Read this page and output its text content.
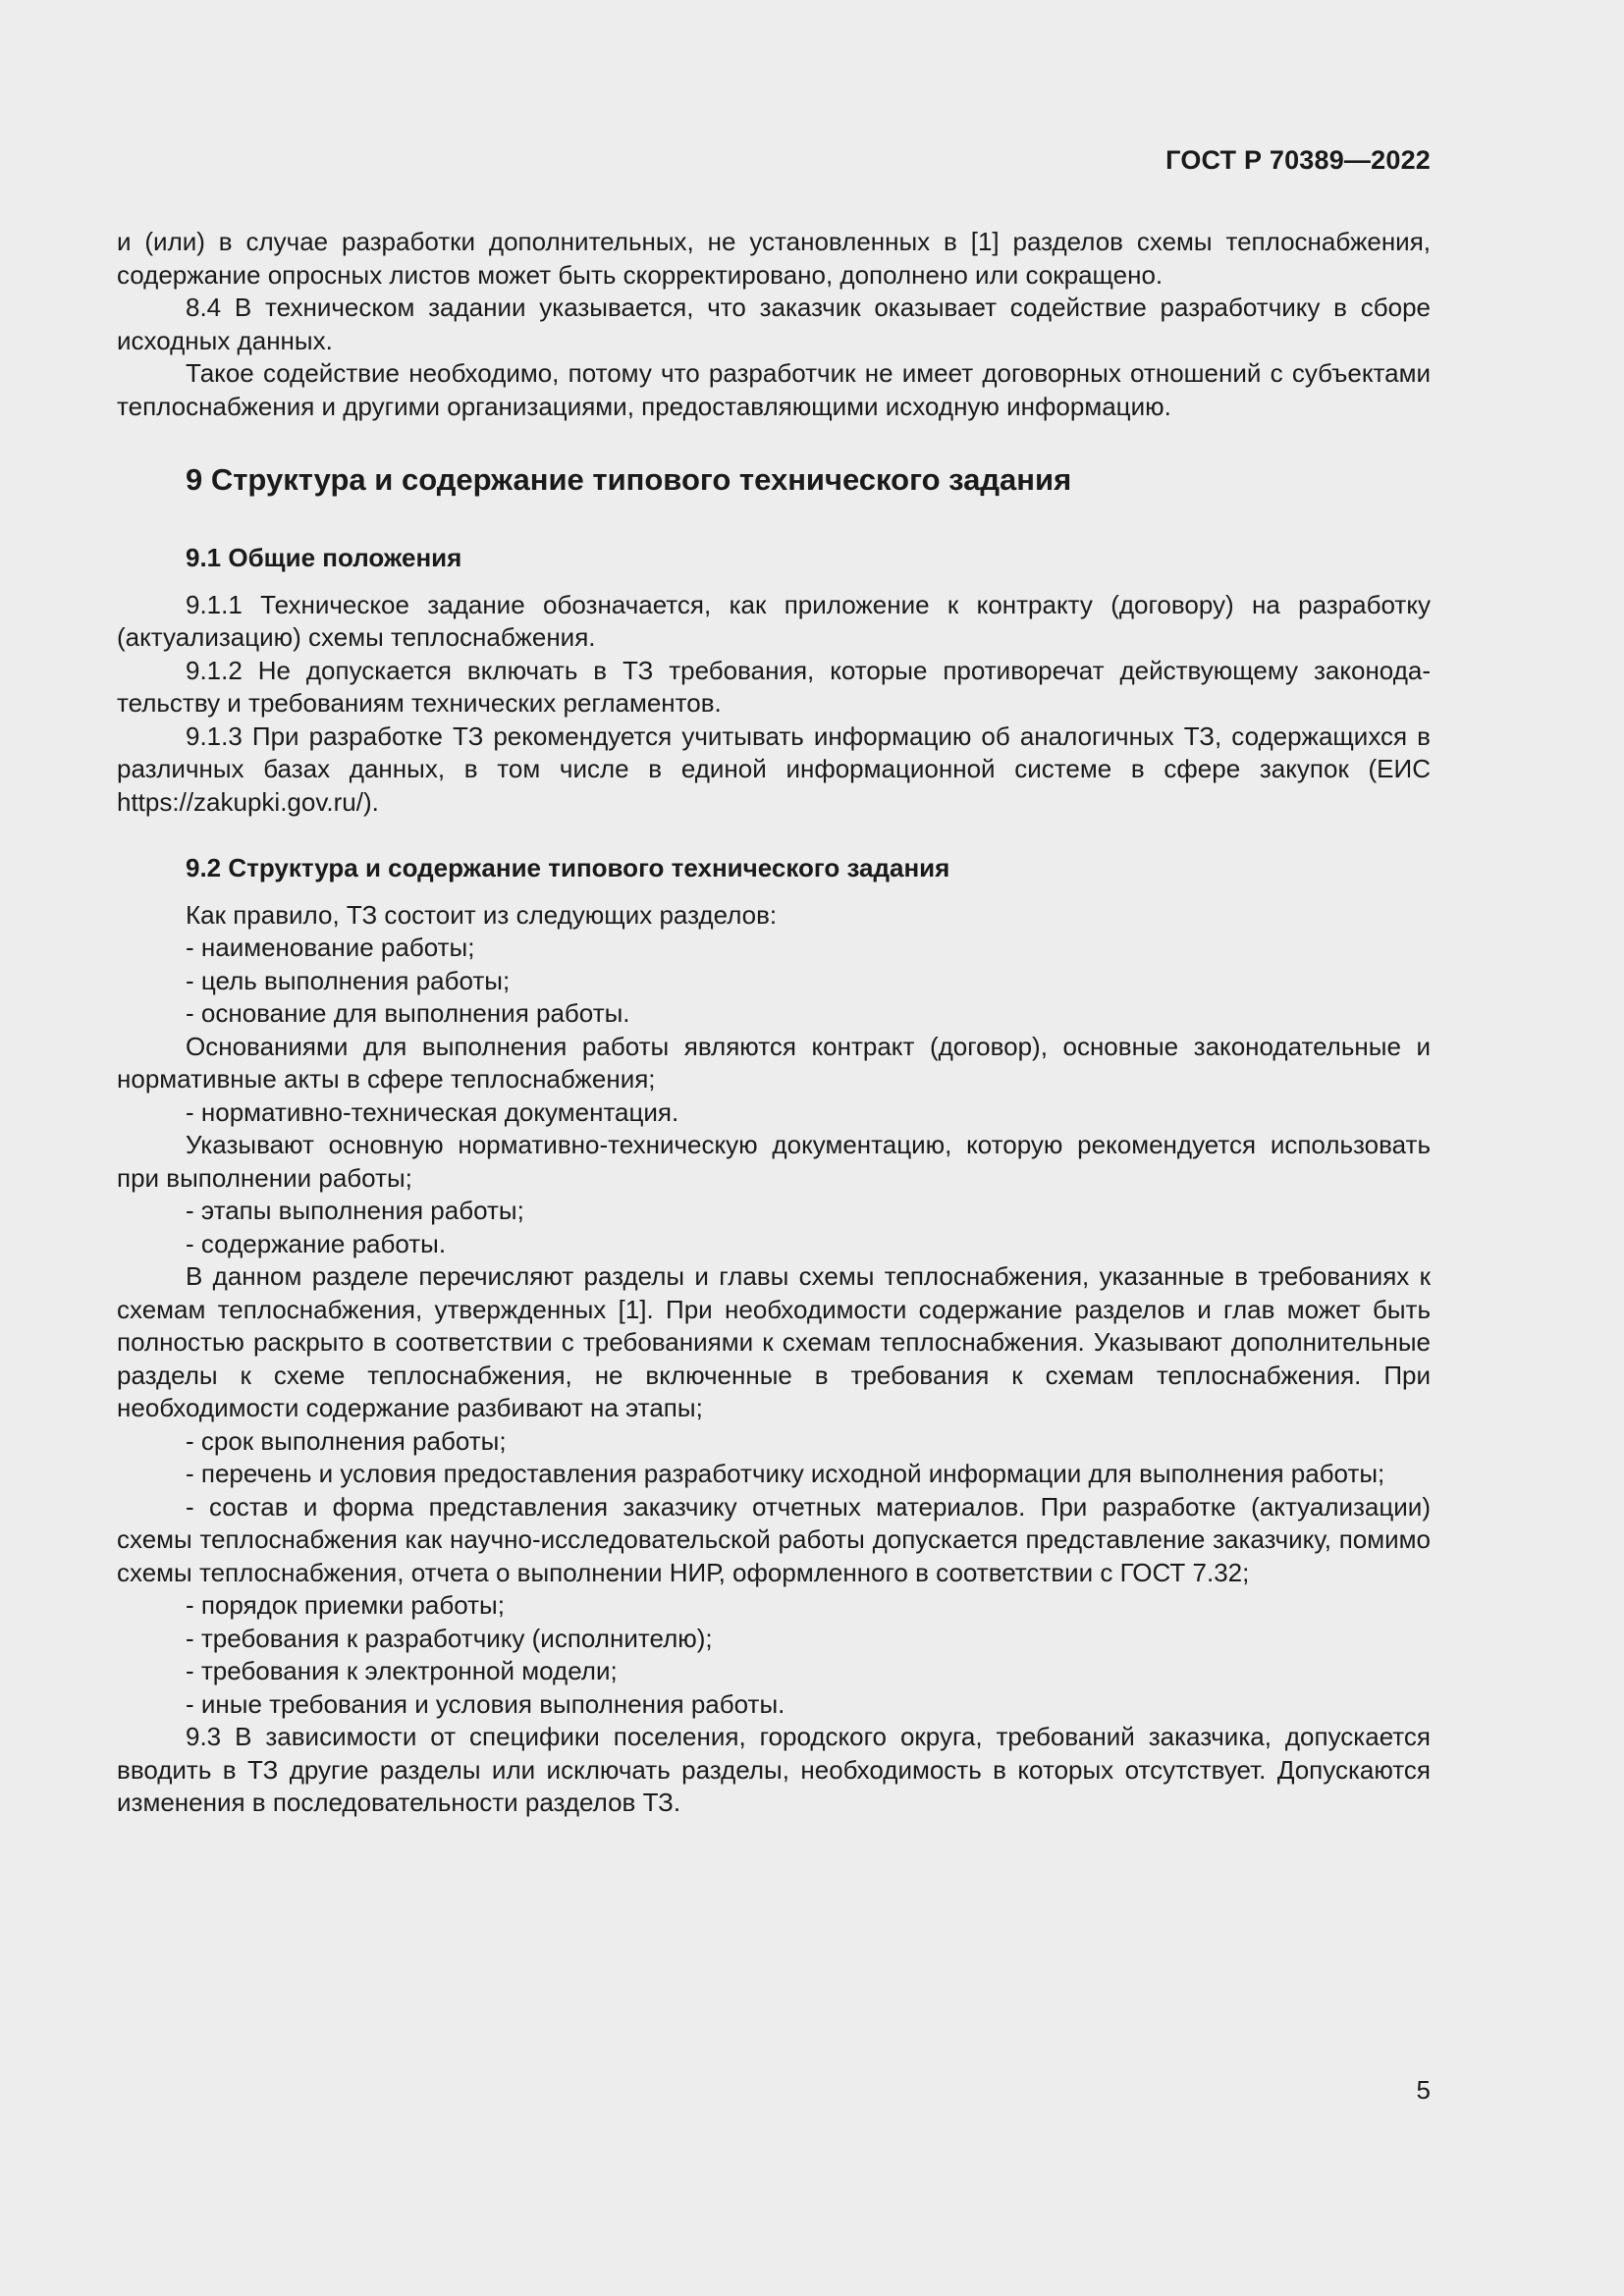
ГОСТ Р 70389—2022

и (или) в случае разработки дополнительных, не установленных в [1] разделов схемы теплоснабжения, содержание опросных листов может быть скорректировано, дополнено или сокращено.

8.4 В техническом задании указывается, что заказчик оказывает содействие разработчику в сборе исходных данных.

Такое содействие необходимо, потому что разработчик не имеет договорных отношений с субъектами теплоснабжения и другими организациями, предоставляющими исходную информацию.

9 Структура и содержание типового технического задания

9.1 Общие положения

9.1.1 Техническое задание обозначается, как приложение к контракту (договору) на разработку (актуализацию) схемы теплоснабжения.

9.1.2 Не допускается включать в ТЗ требования, которые противоречат действующему законодательству и требованиям технических регламентов.

9.1.3 При разработке ТЗ рекомендуется учитывать информацию об аналогичных ТЗ, содержащихся в различных базах данных, в том числе в единой информационной системе в сфере закупок (ЕИС https://zakupki.gov.ru/).

9.2 Структура и содержание типового технического задания

Как правило, ТЗ состоит из следующих разделов:

- наименование работы;

- цель выполнения работы;

- основание для выполнения работы.

Основаниями для выполнения работы являются контракт (договор), основные законодательные и нормативные акты в сфере теплоснабжения;

- нормативно-техническая документация.

Указывают основную нормативно-техническую документацию, которую рекомендуется использовать при выполнении работы;

- этапы выполнения работы;

- содержание работы.

В данном разделе перечисляют разделы и главы схемы теплоснабжения, указанные в требованиях к схемам теплоснабжения, утвержденных [1]. При необходимости содержание разделов и глав может быть полностью раскрыто в соответствии с требованиями к схемам теплоснабжения. Указывают дополнительные разделы к схеме теплоснабжения, не включенные в требования к схемам теплоснабжения. При необходимости содержание разбивают на этапы;

- срок выполнения работы;

- перечень и условия предоставления разработчику исходной информации для выполнения работы;

- состав и форма представления заказчику отчетных материалов. При разработке (актуализации) схемы теплоснабжения как научно-исследовательской работы допускается представление заказчику, помимо схемы теплоснабжения, отчета о выполнении НИР, оформленного в соответствии с ГОСТ 7.32;

- порядок приемки работы;

- требования к разработчику (исполнителю);

- требования к электронной модели;

- иные требования и условия выполнения работы.

9.3 В зависимости от специфики поселения, городского округа, требований заказчика, допускается вводить в ТЗ другие разделы или исключать разделы, необходимость в которых отсутствует. Допускаются изменения в последовательности разделов ТЗ.

5
